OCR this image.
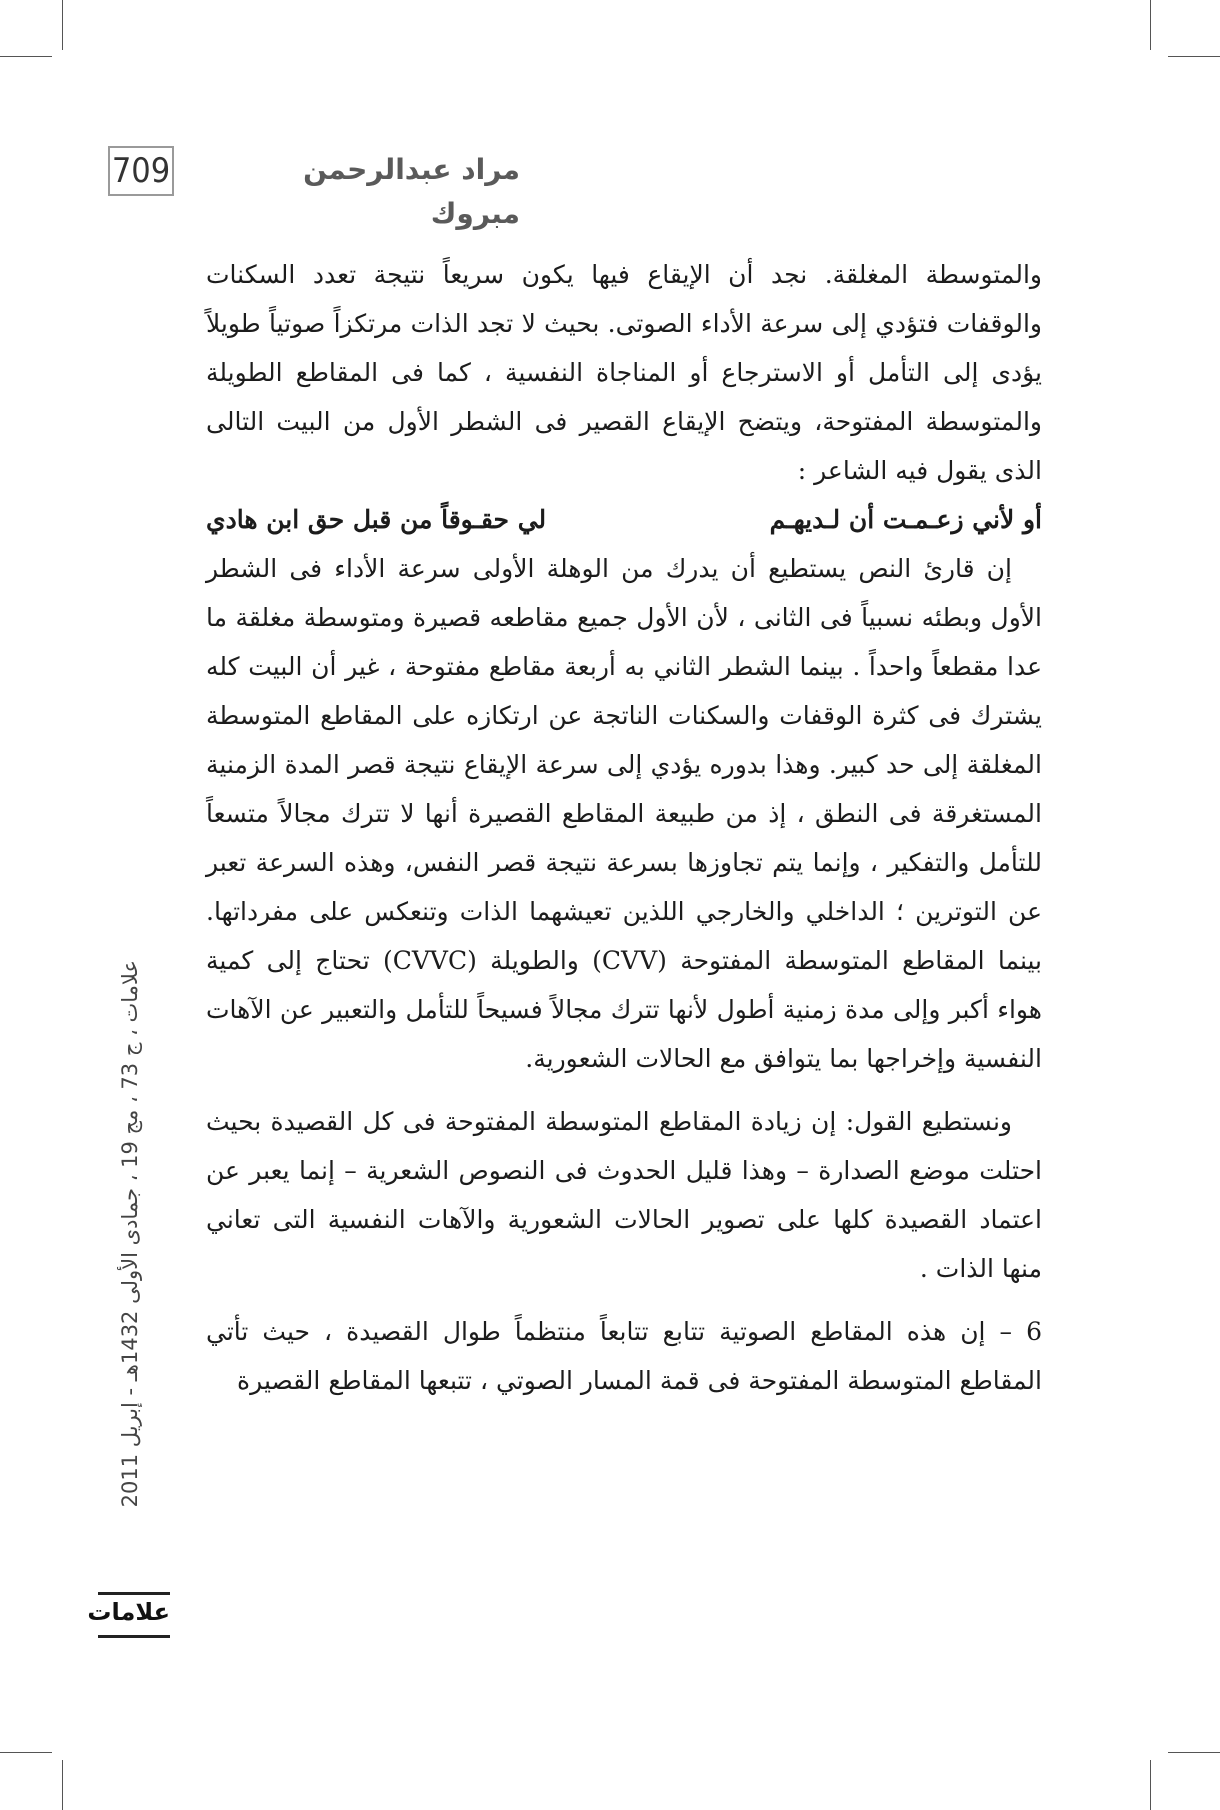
709	مراد عبدالرحمن مبروك

والمتوسطة المغلقة. نجد أن الإيقاع فيها يكون سريعاً نتيجة تعدد السكنات والوقفات فتؤدي إلى سرعة الأداء الصوتى. بحيث لا تجد الذات مرتكزاً صوتياً طويلاً يؤدى إلى التأمل أو الاسترجاع أو المناجاة النفسية ، كما فى المقاطع الطويلة والمتوسطة المفتوحة، ويتضح الإيقاع القصير فى الشطر الأول من البيت التالى الذى يقول فيه الشاعر :

أو لأني زعـمـت أن لـديهـم
لي حقـوقاً من قبل حق ابن هادي

إن قارئ النص يستطيع أن يدرك من الوهلة الأولى سرعة الأداء فى الشطر الأول وبطئه نسبياً فى الثانى ، لأن الأول جميع مقاطعه قصيرة ومتوسطة مغلقة ما عدا مقطعاً واحداً . بينما الشطر الثاني به أربعة مقاطع مفتوحة ، غير أن البيت كله يشترك فى كثرة الوقفات والسكنات الناتجة عن ارتكازه على المقاطع المتوسطة المغلقة إلى حد كبير. وهذا بدوره يؤدي إلى سرعة الإيقاع نتيجة قصر المدة الزمنية المستغرقة فى النطق ، إذ من طبيعة المقاطع القصيرة أنها لا تترك مجالاً متسعاً للتأمل والتفكير ، وإنما يتم تجاوزها بسرعة نتيجة قصر النفس، وهذه السرعة تعبر عن التوترين ؛ الداخلي والخارجي اللذين تعيشهما الذات وتنعكس على مفرداتها. بينما المقاطع المتوسطة المفتوحة (CVV) والطويلة (CVVC) تحتاج إلى كمية هواء أكبر وإلى مدة زمنية أطول لأنها تترك مجالاً فسيحاً للتأمل والتعبير عن الآهات النفسية وإخراجها بما يتوافق مع الحالات الشعورية.

ونستطيع القول: إن زيادة المقاطع المتوسطة المفتوحة فى كل القصيدة بحيث احتلت موضع الصدارة – وهذا قليل الحدوث فى النصوص الشعرية – إنما يعبر عن اعتماد القصيدة كلها على تصوير الحالات الشعورية والآهات النفسية التى تعاني منها الذات .

6 – إن هذه المقاطع الصوتية تتابع تتابعاً منتظماً طوال القصيدة ، حيث تأتي المقاطع المتوسطة المفتوحة فى قمة المسار الصوتي ، تتبعها المقاطع القصيرة

علامات ، ج 73 ، مج 19 ، جمادى الأولى 1432هـ - إبريل 2011
علامات
